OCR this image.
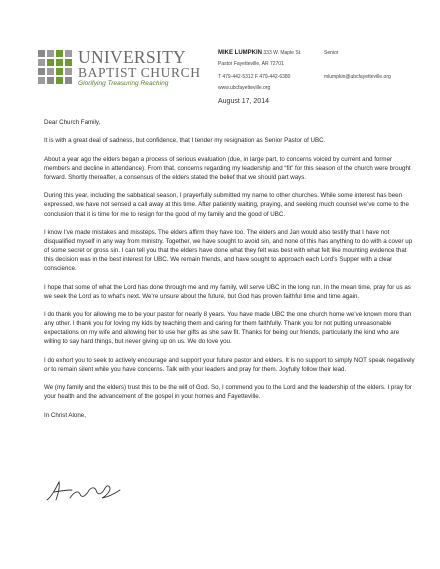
UNIVERSITY
BAPTIST CHURCH
Glorifying Treasuring Reaching
MIKE LUMPKIN 333 W. Maple St.	Senior
Pastor Fayetteville, AR 72701
T 479-442-5312 F 479-442-6380	mlumpkin@ubcfayetteville.org
www.ubcfayetteville.org
August 17, 2014

Dear Church Family,

It is with a great deal of sadness, but confidence, that I tender my resignation as Senior Pastor of UBC.

About a year ago the elders began a process of serious evaluation (due, in large part, to concerns voiced by current and former members and decline in attendance). From that, concerns regarding my leadership and “fit” for this season of the church were brought forward. Shortly thereafter, a consensus of the elders stated the belief that we should part ways.

During this year, including the sabbatical season, I prayerfully submitted my name to other churches. While some interest has been expressed, we have not sensed a call away at this time. After patiently waiting, praying, and seeking much counsel we’ve come to the conclusion that it is time for me to resign for the good of my family and the good of UBC.

I know I’ve made mistakes and missteps. The elders affirm they have too. The elders and Jan would also testify that I have not disqualified myself in any way from ministry. Together, we have sought to avoid sin, and none of this has anything to do with a cover up of some secret or gross sin. I can tell you that the elders have done what they felt was best with what felt like mounting evidence that this decision was in the best interest for UBC. We remain friends, and have sought to approach each Lord’s Supper with a clear conscience.

I hope that some of what the Lord has done through me and my family, will serve UBC in the long run. In the mean time, pray for us as we seek the Lord as to what’s next. We’re unsure about the future, but God has proven faithful time and time again.

I do thank you for allowing me to be your pastor for nearly 8 years. You have made UBC the one church home we’ve known more than any other. I thank you for loving my kids by teaching them and caring for them faithfully. Thank you for not putting unreasonable expectations on my wife and allowing her to use her gifts as she saw fit. Thanks for being our friends, particularly the kind who are willing to say hard things, but never giving up on us. We do love you.

I do exhort you to seek to actively encourage and support your future pastor and elders. It is no support to simply NOT speak negatively or to remain silent while you have concerns. Talk with your leaders and pray for them. Joyfully follow their lead.

We (my family and the elders) trust this to be the will of God. So, I commend you to the Lord and the leadership of the elders. I pray for your health and the advancement of the gospel in your homes and Fayetteville.

In Christ Alone,
